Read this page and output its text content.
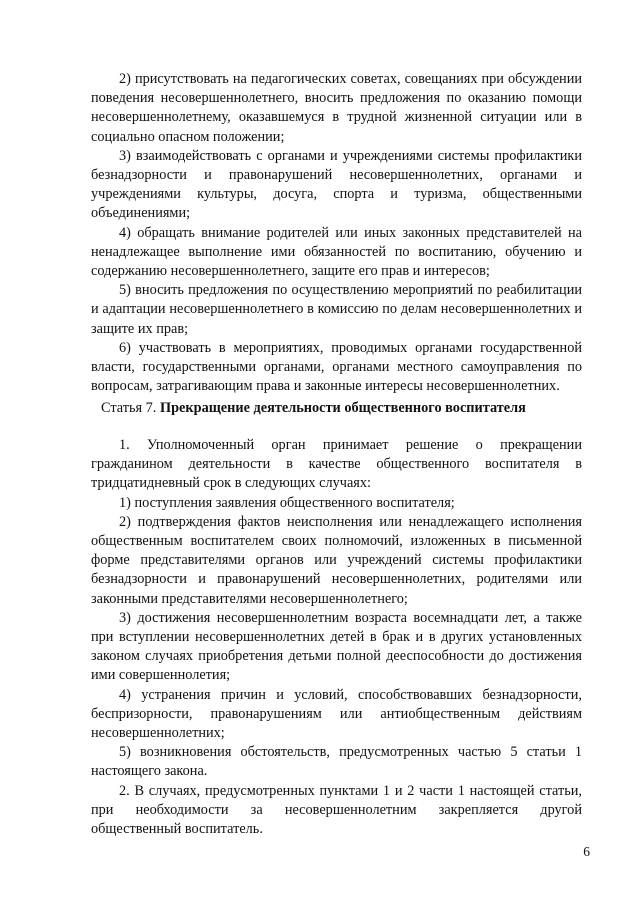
2) присутствовать на педагогических советах, совещаниях при обсуждении поведения несовершеннолетнего, вносить предложения по оказанию помощи несовершеннолетнему, оказавшемуся в трудной жизненной ситуации или в социально опасном положении;

3) взаимодействовать с органами и учреждениями системы профилактики безнадзорности и правонарушений несовершеннолетних, органами и учреждениями культуры, досуга, спорта и туризма, общественными объединениями;

4) обращать внимание родителей или иных законных представителей на ненадлежащее выполнение ими обязанностей по воспитанию, обучению и содержанию несовершеннолетнего, защите его прав и интересов;

5) вносить предложения по осуществлению мероприятий по реабилитации и адаптации несовершеннолетнего в комиссию по делам несовершеннолетних и защите их прав;

6) участвовать в мероприятиях, проводимых органами государственной власти, государственными органами, органами местного самоуправления по вопросам, затрагивающим права и законные интересы несовершеннолетних.

Статья 7. Прекращение деятельности общественного воспитателя

1. Уполномоченный орган принимает решение о прекращении гражданином деятельности в качестве общественного воспитателя в тридцатидневный срок в следующих случаях:

1) поступления заявления общественного воспитателя;

2) подтверждения фактов неисполнения или ненадлежащего исполнения общественным воспитателем своих полномочий, изложенных в письменной форме представителями органов или учреждений системы профилактики безнадзорности и правонарушений несовершеннолетних, родителями или законными представителями несовершеннолетнего;

3) достижения несовершеннолетним возраста восемнадцати лет, а также при вступлении несовершеннолетних детей в брак и в других установленных законом случаях приобретения детьми полной дееспособности до достижения ими совершеннолетия;

4) устранения причин и условий, способствовавших безнадзорности, беспризорности, правонарушениям или антиобщественным действиям несовершеннолетних;

5) возникновения обстоятельств, предусмотренных частью 5 статьи 1 настоящего закона.

2. В случаях, предусмотренных пунктами 1 и 2 части 1 настоящей статьи, при необходимости за несовершеннолетним закрепляется другой общественный воспитатель.

6
